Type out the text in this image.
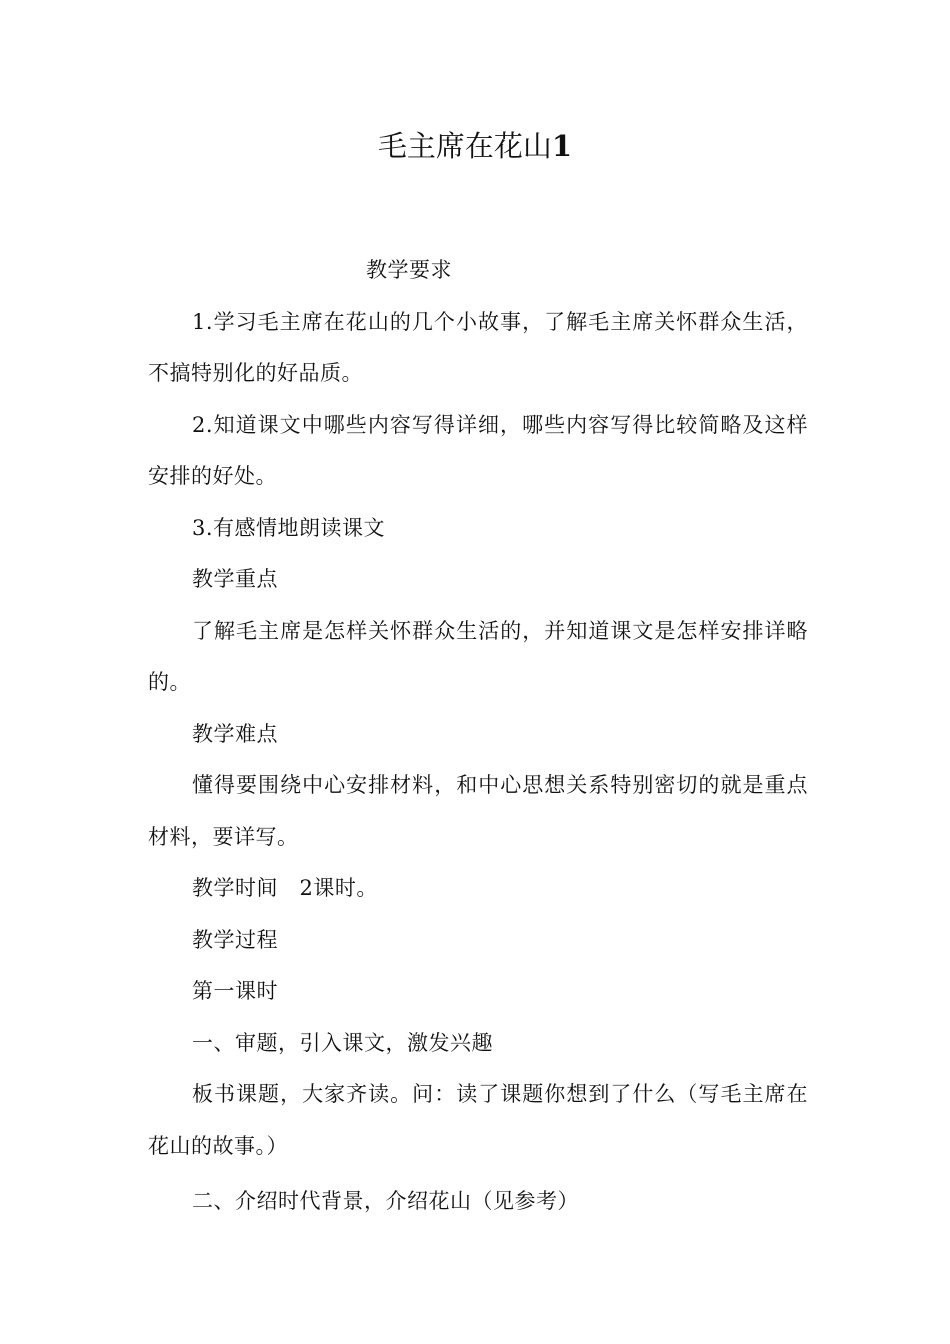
毛主席在花山1

教学要求

1.学习毛主席在花山的几个小故事，了解毛主席关怀群众生活，不搞特别化的好品质。

2.知道课文中哪些内容写得详细，哪些内容写得比较简略及这样安排的好处。

3.有感情地朗读课文

教学重点

了解毛主席是怎样关怀群众生活的，并知道课文是怎样安排详略的。

教学难点

懂得要围绕中心安排材料，和中心思想关系特别密切的就是重点材料，要详写。

教学时间　2课时。

教学过程

第一课时

一、审题，引入课文，激发兴趣

板书课题，大家齐读。问：读了课题你想到了什么（写毛主席在花山的故事。）

二、介绍时代背景，介绍花山（见参考）
